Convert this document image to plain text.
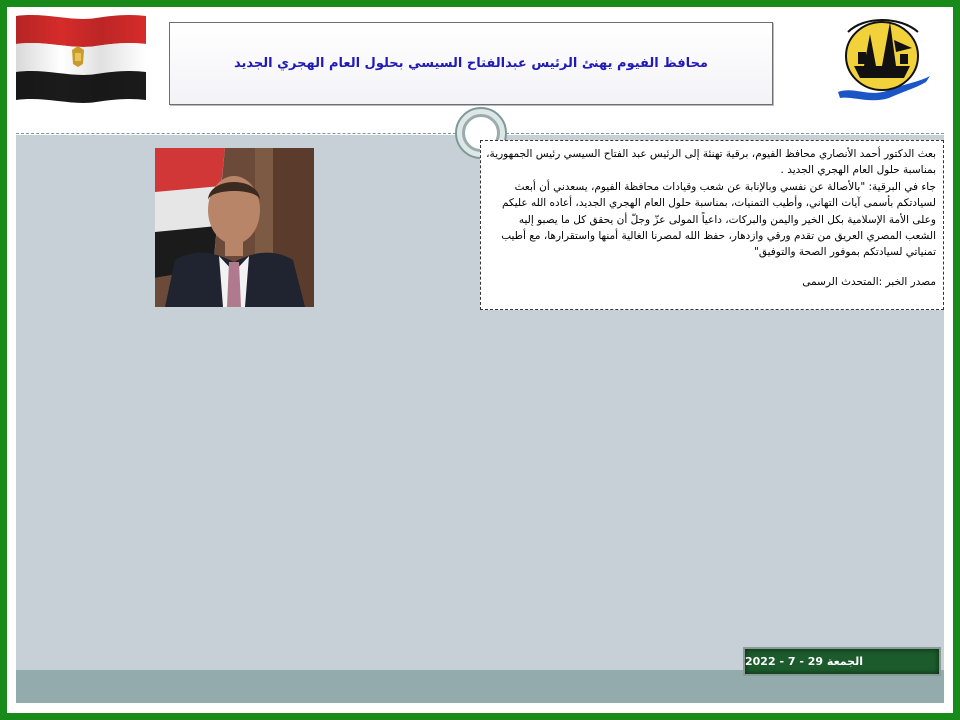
محافظ الفيوم يهنئ الرئيس عبدالفتاح السيسي بحلول العام الهجري الجديد

بعث الدكتور أحمد الأنصاري محافظ الفيوم، برقية تهنئة إلى الرئيس عبد الفتاح السيسي رئيس الجمهورية، بمناسبة حلول العام الهجري الجديد .

جاء في البرقية: "بالأصالة عن نفسي وبالإنابة عن شعب وقيادات محافظة الفيوم، يسعدني أن أبعث لسيادتكم بأسمى آيات التهاني، وأطيب التمنيات، بمناسبة حلول العام الهجري الجديد، أعاده الله عليكم وعلى الأمة الإسلامية بكل الخير واليمن والبركات، داعياً المولى عزّ وجلّ أن يحقق كل ما يصبو إليه الشعب المصري العريق من تقدم ورقي وازدهار، حفظ الله لمصرنا الغالية أمنها واستقرارها، مع أطيب تمنياتي لسيادتكم بموفور الصحة والتوفيق"

مصدر الخبر :المتحدث الرسمى

الجمعة 29 - 7 - 2022
